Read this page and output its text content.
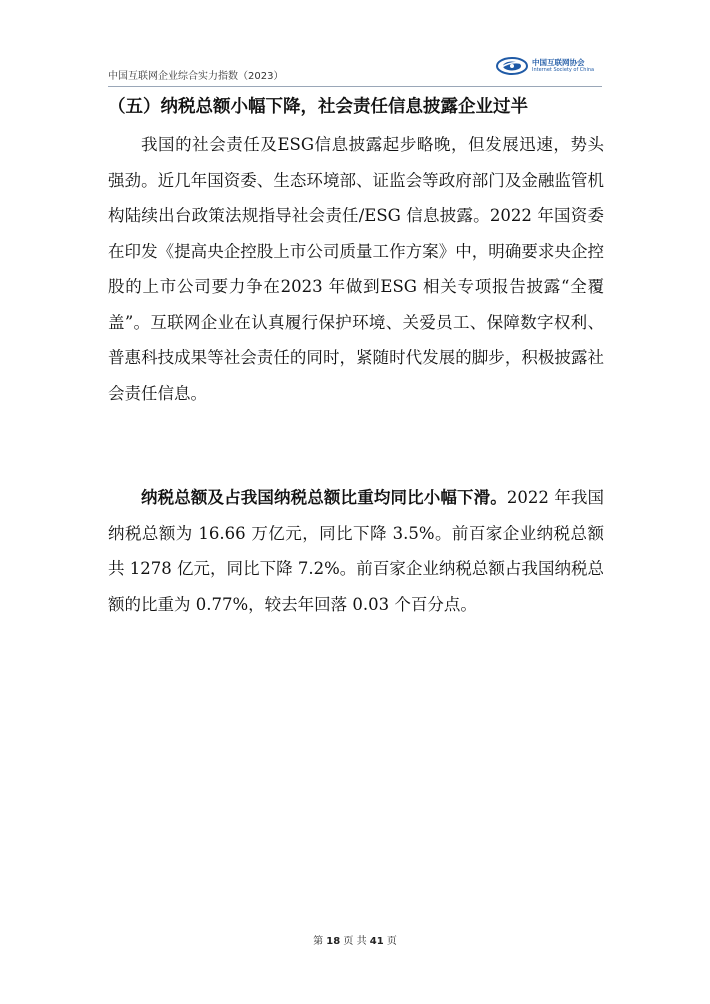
中国互联网企业综合实力指数（2023）
中国互联网协会
Internet Society of China
（五）纳税总额小幅下降，社会责任信息披露企业过半

我国的社会责任及ESG信息披露起步略晚，但发展迅速，势头强劲。近几年国资委、生态环境部、证监会等政府部门及金融监管机构陆续出台政策法规指导社会责任/ESG 信息披露。2022 年国资委在印发《提高央企控股上市公司质量工作方案》中，明确要求央企控股的上市公司要力争在2023 年做到ESG 相关专项报告披露“全覆盖”。互联网企业在认真履行保护环境、关爱员工、保障数字权利、普惠科技成果等社会责任的同时，紧随时代发展的脚步，积极披露社会责任信息。

纳税总额及占我国纳税总额比重均同比小幅下滑。2022 年我国纳税总额为 16.66 万亿元，同比下降 3.5%。前百家企业纳税总额共 1278 亿元，同比下降 7.2%。前百家企业纳税总额占我国纳税总额的比重为 0.77%，较去年回落 0.03 个百分点。

第 18 页 共 41 页
